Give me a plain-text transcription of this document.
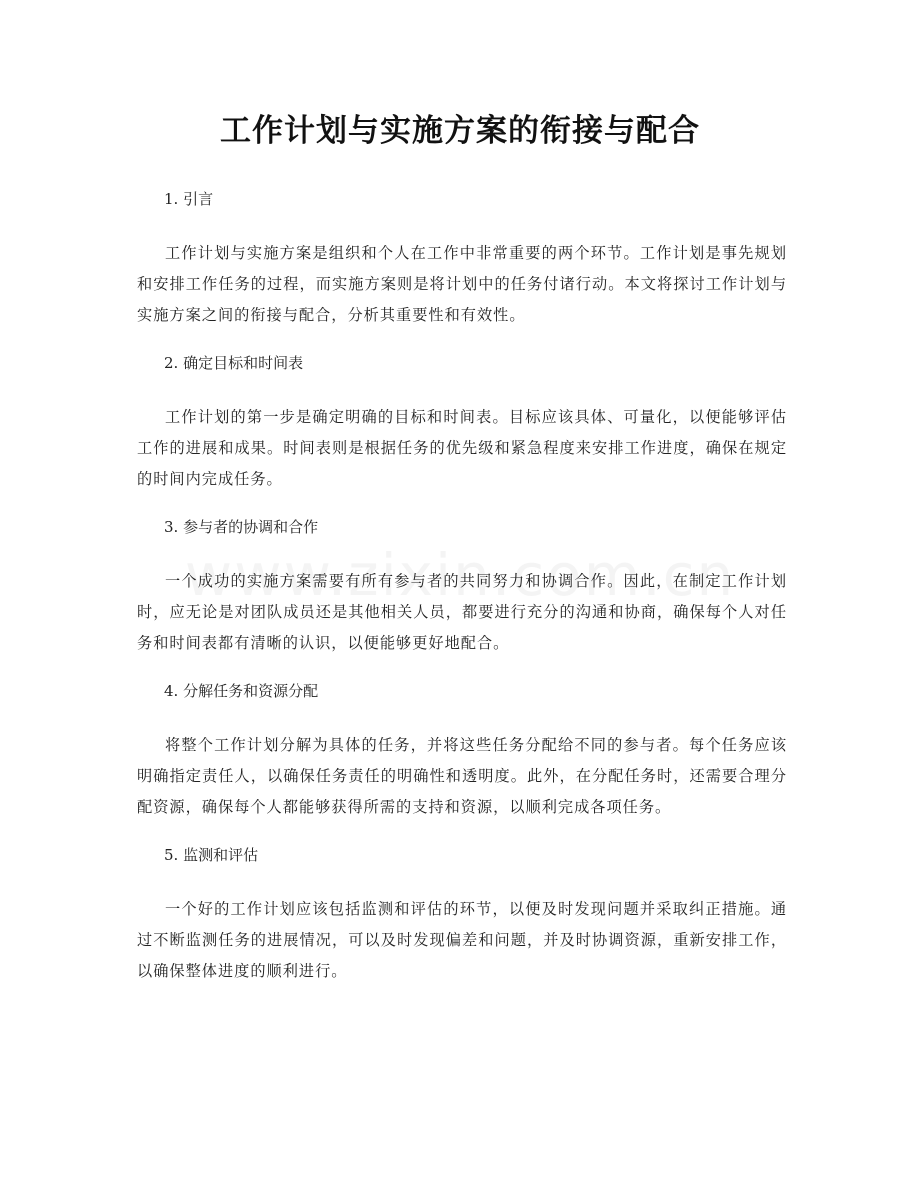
工作计划与实施方案的衔接与配合

1. 引言

工作计划与实施方案是组织和个人在工作中非常重要的两个环节。工作计划是事先规划和安排工作任务的过程，而实施方案则是将计划中的任务付诸行动。本文将探讨工作计划与实施方案之间的衔接与配合，分析其重要性和有效性。

2. 确定目标和时间表

工作计划的第一步是确定明确的目标和时间表。目标应该具体、可量化，以便能够评估工作的进展和成果。时间表则是根据任务的优先级和紧急程度来安排工作进度，确保在规定的时间内完成任务。

3. 参与者的协调和合作

一个成功的实施方案需要有所有参与者的共同努力和协调合作。因此，在制定工作计划时，应无论是对团队成员还是其他相关人员，都要进行充分的沟通和协商，确保每个人对任务和时间表都有清晰的认识，以便能够更好地配合。

4. 分解任务和资源分配

将整个工作计划分解为具体的任务，并将这些任务分配给不同的参与者。每个任务应该明确指定责任人，以确保任务责任的明确性和透明度。此外，在分配任务时，还需要合理分配资源，确保每个人都能够获得所需的支持和资源，以顺利完成各项任务。

5. 监测和评估

一个好的工作计划应该包括监测和评估的环节，以便及时发现问题并采取纠正措施。通过不断监测任务的进展情况，可以及时发现偏差和问题，并及时协调资源，重新安排工作，以确保整体进度的顺利进行。
